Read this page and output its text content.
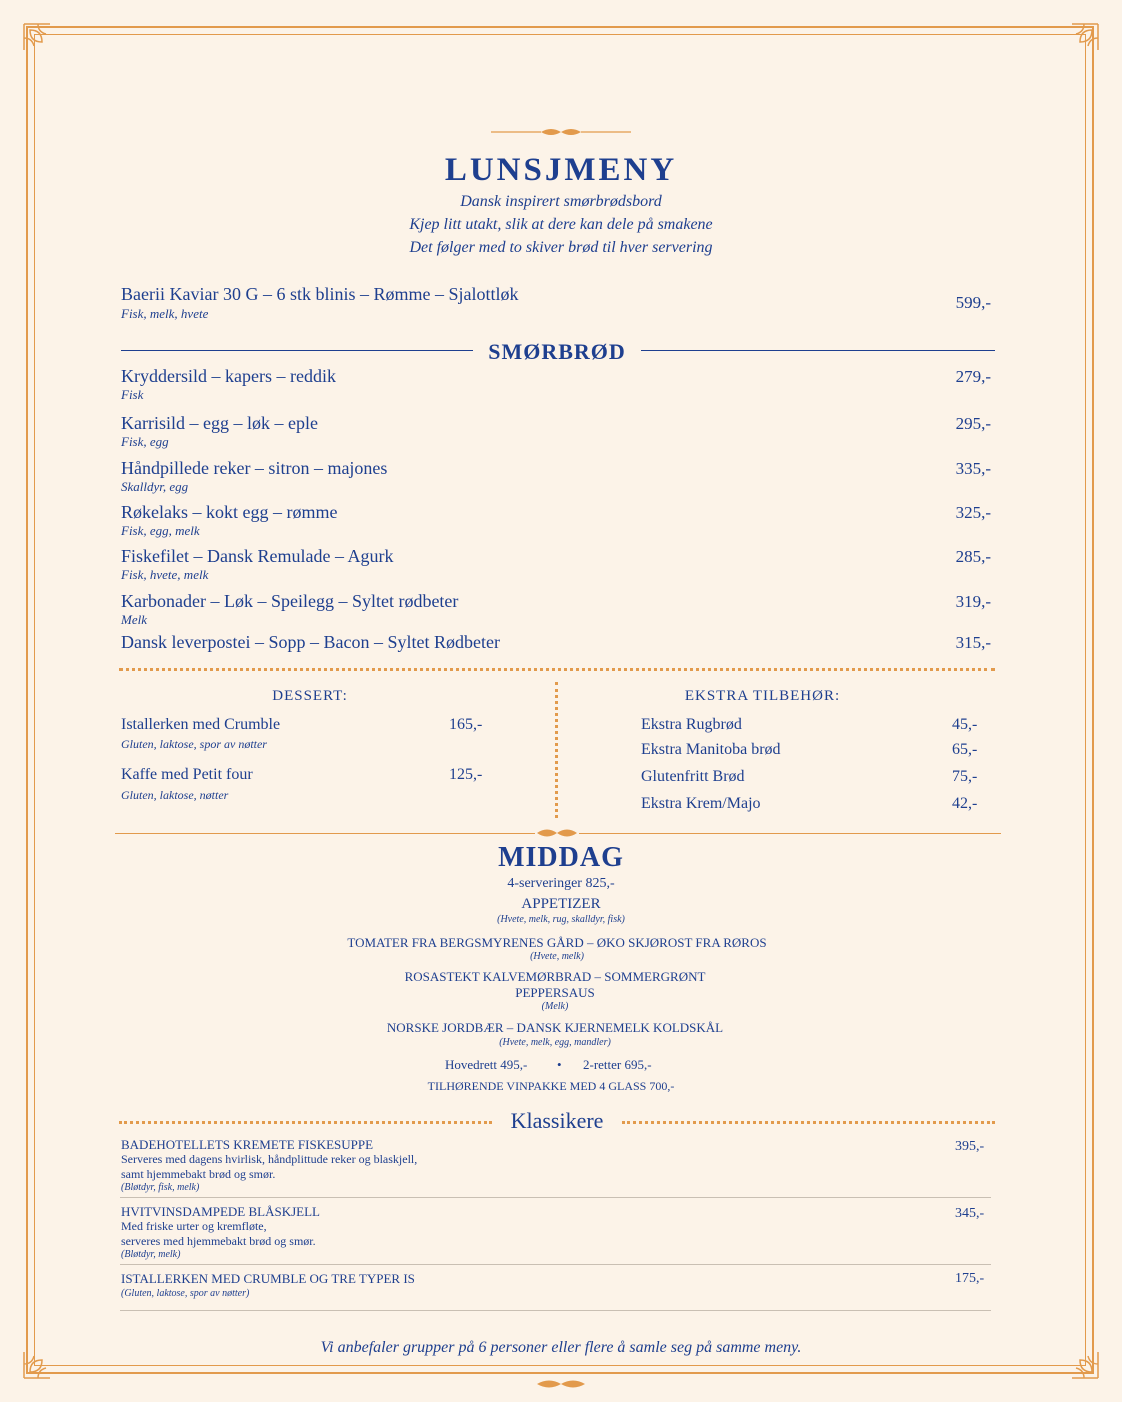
LUNSJMENY
Dansk inspirert smørbrødsbord
Kjep litt utakt, slik at dere kan dele på smakene
Det følger med to skiver brød til hver servering
Baerii Kaviar 30 G – 6 stk blinis – Rømme – Sjalottløk
Fisk, melk, hvete
599,-
SMØRBRØD
Kryddersild – kapers – reddik
Fisk
279,-
Karrisild – egg – løk – eple
Fisk, egg
295,-
Håndpillede reker – sitron – majones
Skalldyr, egg
335,-
Røkelaks – kokt egg – rømme
Fisk, egg, melk
325,-
Fiskefilet – Dansk Remulade – Agurk
Fisk, hvete, melk
285,-
Karbonader – Løk – Speilegg – Syltet rødbeter
Melk
319,-
Dansk leverpostei – Sopp – Bacon – Syltet Rødbeter	315,-
DESSERT:
Istallerken med Crumble	165,-
Gluten, laktose, spor av nøtter
Kaffe med Petit four	125,-
Gluten, laktose, nøtter
EKSTRA TILBEHØR:
Ekstra Rugbrød	45,-
Ekstra Manitoba brød	65,-
Glutenfritt Brød	75,-
Ekstra Krem/Majo	42,-
MIDDAG
4-serveringer 825,-
APPETIZER
(Hvete, melk, rug, skalldyr, fisk)
TOMATER FRA BERGSMYRENES GÅRD – ØKO SKJØROST FRA RØROS
(Hvete, melk)
ROSASTEKT KALVEMØRBRAD – SOMMERGRØNT
PEPPERSAUS
(Melk)
NORSKE JORDBÆR – DANSK KJERNEMELK KOLDSKÅL
(Hvete, melk, egg, mandler)
Hovedrett 495,- • 2-retter 695,-
TILHØRENDE VINPAKKE MED 4 GLASS 700,-
Klassikere
BADEHOTELLETS KREMETE FISKESUPPE
Serveres med dagens hvirlisk, håndplittude reker og blaskjell,
samt hjemmebakt brød og smør.
(Bløtdyr, fisk, melk)
395,-
HVITVINSDAMPEDE BLÅSKJELL
Med friske urter og kremfløte,
serveres med hjemmebakt brød og smør.
(Bløtdyr, melk)
345,-
ISTALLERKEN MED CRUMBLE OG TRE TYPER IS
(Gluten, laktose, spor av nøtter)
175,-
Vi anbefaler grupper på 6 personer eller flere å samle seg på samme meny.
